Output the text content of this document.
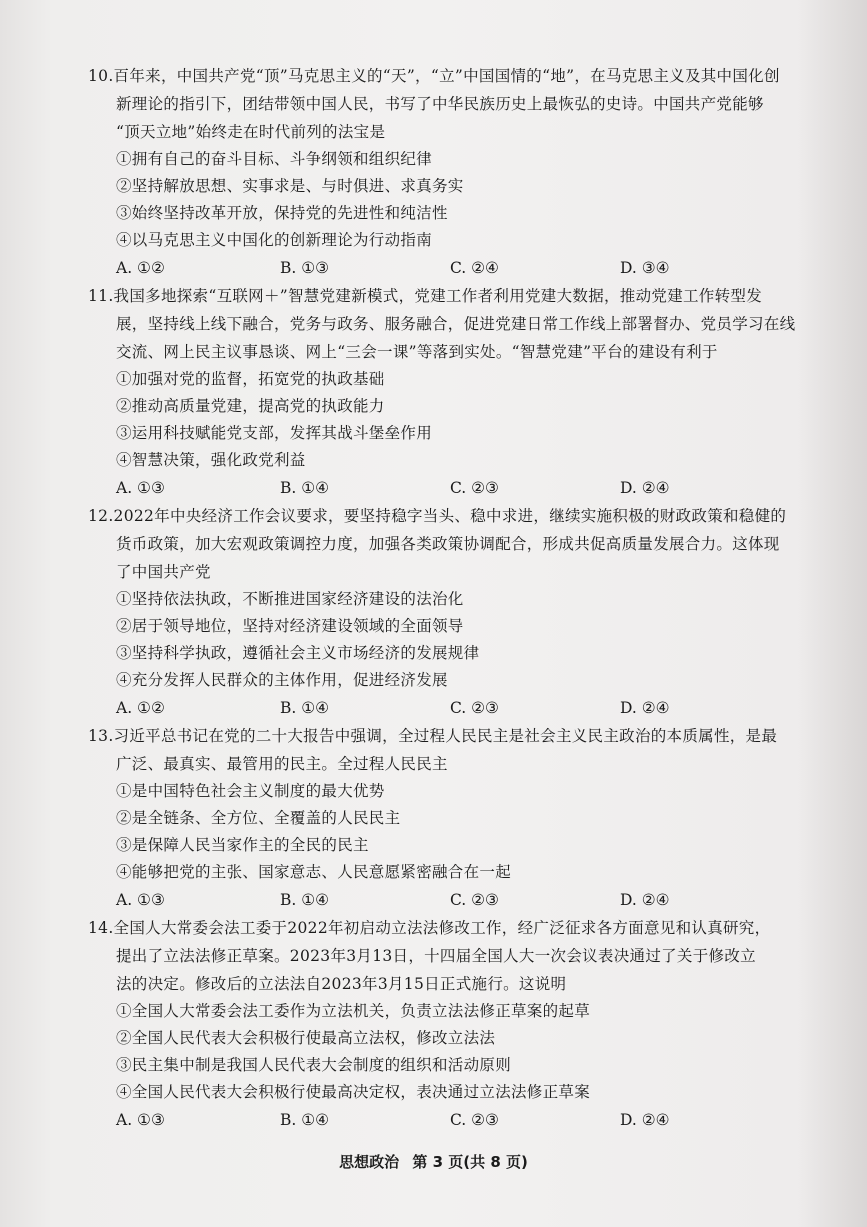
10.百年来，中国共产党“顶”马克思主义的“天”，“立”中国国情的“地”，在马克思主义及其中国化创
新理论的指引下，团结带领中国人民，书写了中华民族历史上最恢弘的史诗。中国共产党能够
“顶天立地”始终走在时代前列的法宝是
①拥有自己的奋斗目标、斗争纲领和组织纪律
②坚持解放思想、实事求是、与时俱进、求真务实
③始终坚持改革开放，保持党的先进性和纯洁性
④以马克思主义中国化的创新理论为行动指南
A. ①②	B. ①③	C. ②④	D. ③④
11.我国多地探索“互联网＋”智慧党建新模式，党建工作者利用党建大数据，推动党建工作转型发
展，坚持线上线下融合，党务与政务、服务融合，促进党建日常工作线上部署督办、党员学习在线
交流、网上民主议事恳谈、网上“三会一课”等落到实处。“智慧党建”平台的建设有利于
①加强对党的监督，拓宽党的执政基础
②推动高质量党建，提高党的执政能力
③运用科技赋能党支部，发挥其战斗堡垒作用
④智慧决策，强化政党利益
A. ①③	B. ①④	C. ②③	D. ②④
12.2022年中央经济工作会议要求，要坚持稳字当头、稳中求进，继续实施积极的财政政策和稳健的
货币政策，加大宏观政策调控力度，加强各类政策协调配合，形成共促高质量发展合力。这体现
了中国共产党
①坚持依法执政，不断推进国家经济建设的法治化
②居于领导地位，坚持对经济建设领域的全面领导
③坚持科学执政，遵循社会主义市场经济的发展规律
④充分发挥人民群众的主体作用，促进经济发展
A. ①②	B. ①④	C. ②③	D. ②④
13.习近平总书记在党的二十大报告中强调，全过程人民民主是社会主义民主政治的本质属性，是最
广泛、最真实、最管用的民主。全过程人民民主
①是中国特色社会主义制度的最大优势
②是全链条、全方位、全覆盖的人民民主
③是保障人民当家作主的全民的民主
④能够把党的主张、国家意志、人民意愿紧密融合在一起
A. ①③	B. ①④	C. ②③	D. ②④
14.全国人大常委会法工委于2022年初启动立法法修改工作，经广泛征求各方面意见和认真研究，
提出了立法法修正草案。2023年3月13日，十四届全国人大一次会议表决通过了关于修改立
法的决定。修改后的立法法自2023年3月15日正式施行。这说明
①全国人大常委会法工委作为立法机关，负责立法法修正草案的起草
②全国人民代表大会积极行使最高立法权，修改立法法
③民主集中制是我国人民代表大会制度的组织和活动原则
④全国人民代表大会积极行使最高决定权，表决通过立法法修正草案
A. ①③	B. ①④	C. ②③	D. ②④
思想政治 第 3 页(共 8 页)
